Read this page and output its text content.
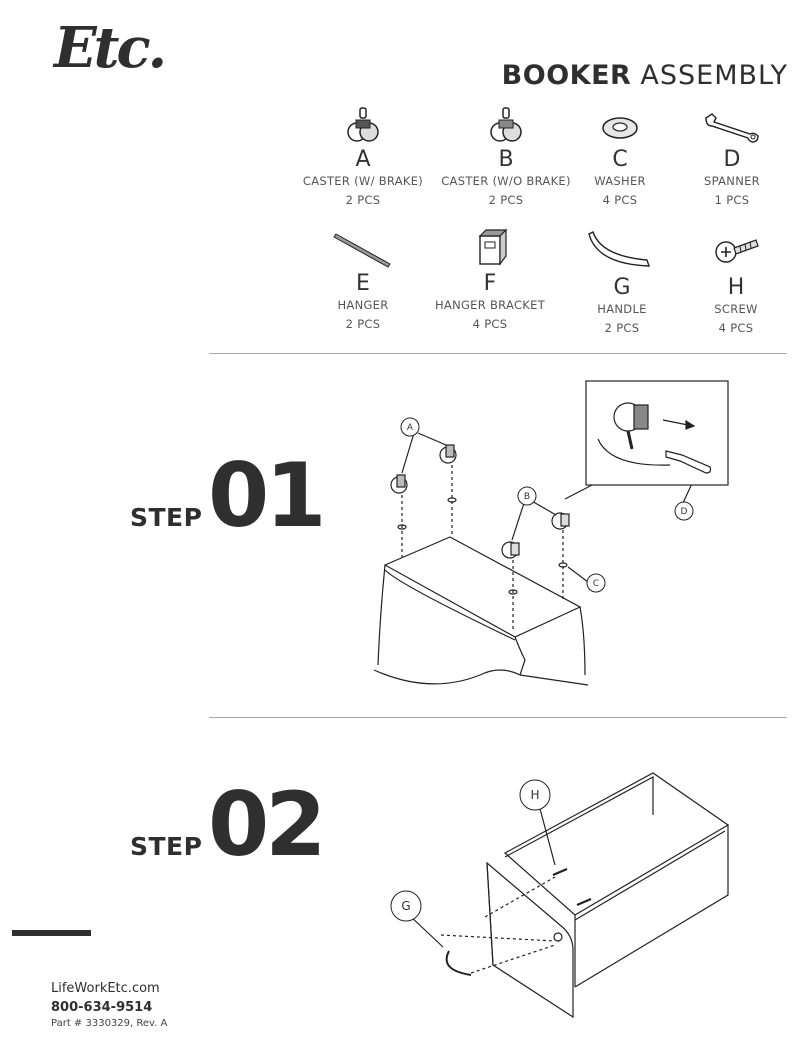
Etc.	BOOKER ASSEMBLY
A
CASTER (W/ BRAKE)
2 PCS
B
CASTER (W/O BRAKE)
2 PCS
C
WASHER
4 PCS
D
SPANNER
1 PCS
E
HANGER
2 PCS
F
HANGER BRACKET
4 PCS
G
HANDLE
2 PCS
H
SCREW
4 PCS
STEP 01
A
B
C
D
STEP 02	H
G
LifeWorkEtc.com
800-634-9514
Part # 3330329, Rev. A
